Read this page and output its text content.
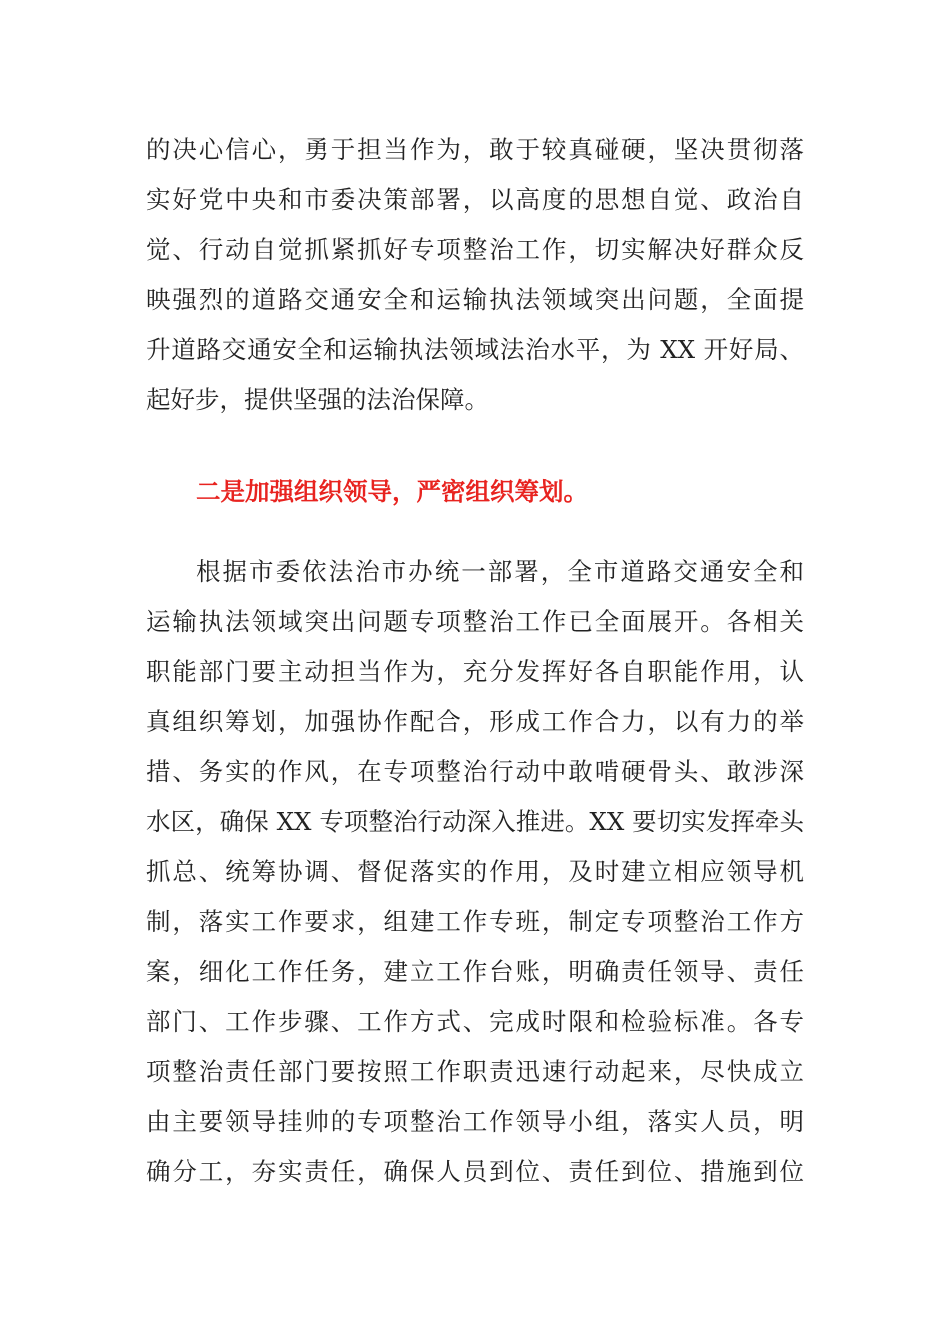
的决心信心，勇于担当作为，敢于较真碰硬，坚决贯彻落
实好党中央和市委决策部署，以高度的思想自觉、政治自
觉、行动自觉抓紧抓好专项整治工作，切实解决好群众反
映强烈的道路交通安全和运输执法领域突出问题，全面提
升道路交通安全和运输执法领域法治水平，为 XX 开好局、
起好步，提供坚强的法治保障。
二是加强组织领导，严密组织筹划。
根据市委依法治市办统一部署，全市道路交通安全和
运输执法领域突出问题专项整治工作已全面展开。各相关
职能部门要主动担当作为，充分发挥好各自职能作用，认
真组织筹划，加强协作配合，形成工作合力，以有力的举
措、务实的作风，在专项整治行动中敢啃硬骨头、敢涉深
水区，确保 XX 专项整治行动深入推进。XX 要切实发挥牵头
抓总、统筹协调、督促落实的作用，及时建立相应领导机
制，落实工作要求，组建工作专班，制定专项整治工作方
案，细化工作任务，建立工作台账，明确责任领导、责任
部门、工作步骤、工作方式、完成时限和检验标准。各专
项整治责任部门要按照工作职责迅速行动起来，尽快成立
由主要领导挂帅的专项整治工作领导小组，落实人员，明
确分工，夯实责任，确保人员到位、责任到位、措施到位
